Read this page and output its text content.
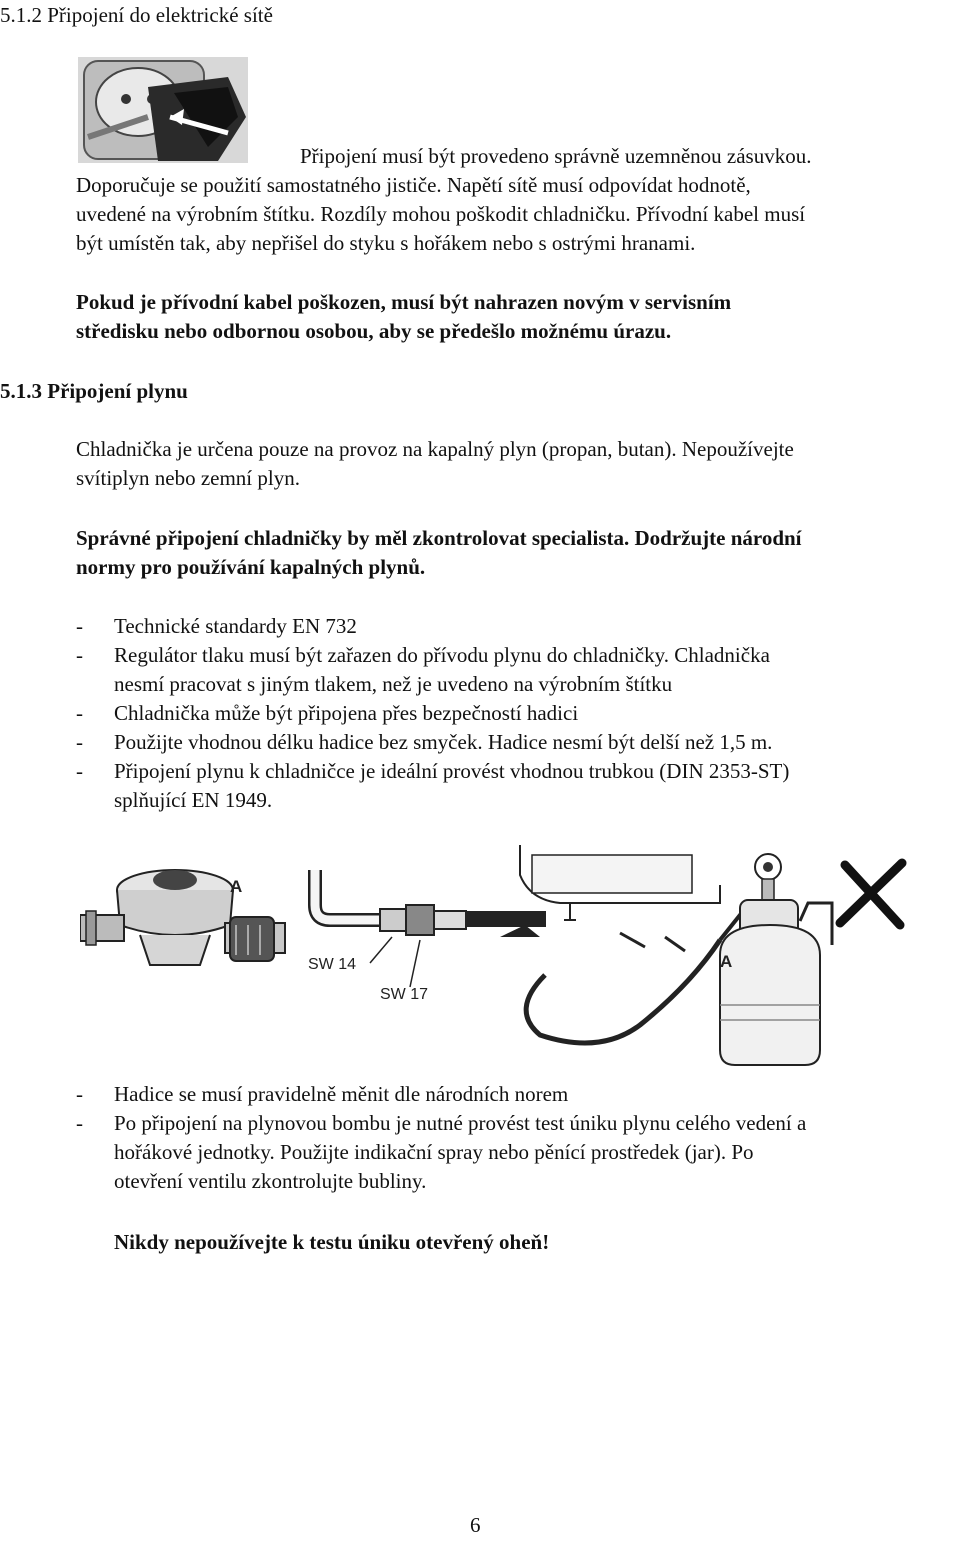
5.1.2 Připojení do elektrické sítě
Připojení musí být provedeno správně uzemněnou zásuvkou.
Doporučuje se použití samostatného jističe. Napětí sítě musí odpovídat hodnotě,
uvedené na výrobním štítku. Rozdíly mohou poškodit chladničku. Přívodní kabel musí
být umístěn tak, aby nepřišel do styku s hořákem nebo s ostrými hranami.
Pokud je přívodní kabel poškozen, musí být nahrazen novým v servisním
středisku nebo odbornou osobou, aby se předešlo možnému úrazu.
5.1.3 Připojení plynu
Chladnička je určena pouze na provoz na kapalný plyn (propan, butan). Nepoužívejte
svítiplyn nebo zemní plyn.
Správné připojení chladničky by měl zkontrolovat specialista. Dodržujte národní
normy pro používání kapalných plynů.
- Technické standardy EN 732
- Regulátor tlaku musí být zařazen do přívodu plynu do chladničky. Chladnička
nesmí pracovat s jiným tlakem, než je uvedeno na výrobním štítku
- Chladnička může být připojena přes bezpečností hadici
- Použijte vhodnou délku hadice bez smyček. Hadice nesmí být delší než 1,5 m.
- Připojení plynu k chladničce je ideální provést vhodnou trubkou (DIN 2353-ST)
splňující EN 1949.
A
SW 14
SW 17
A
- Hadice se musí pravidelně měnit dle národních norem
- Po připojení na plynovou bombu je nutné provést test úniku plynu celého vedení a
hořákové jednotky. Použijte indikační spray nebo pěnící prostředek (jar). Po
otevření ventilu zkontrolujte bubliny.
Nikdy nepoužívejte k testu úniku otevřený oheň!
6
